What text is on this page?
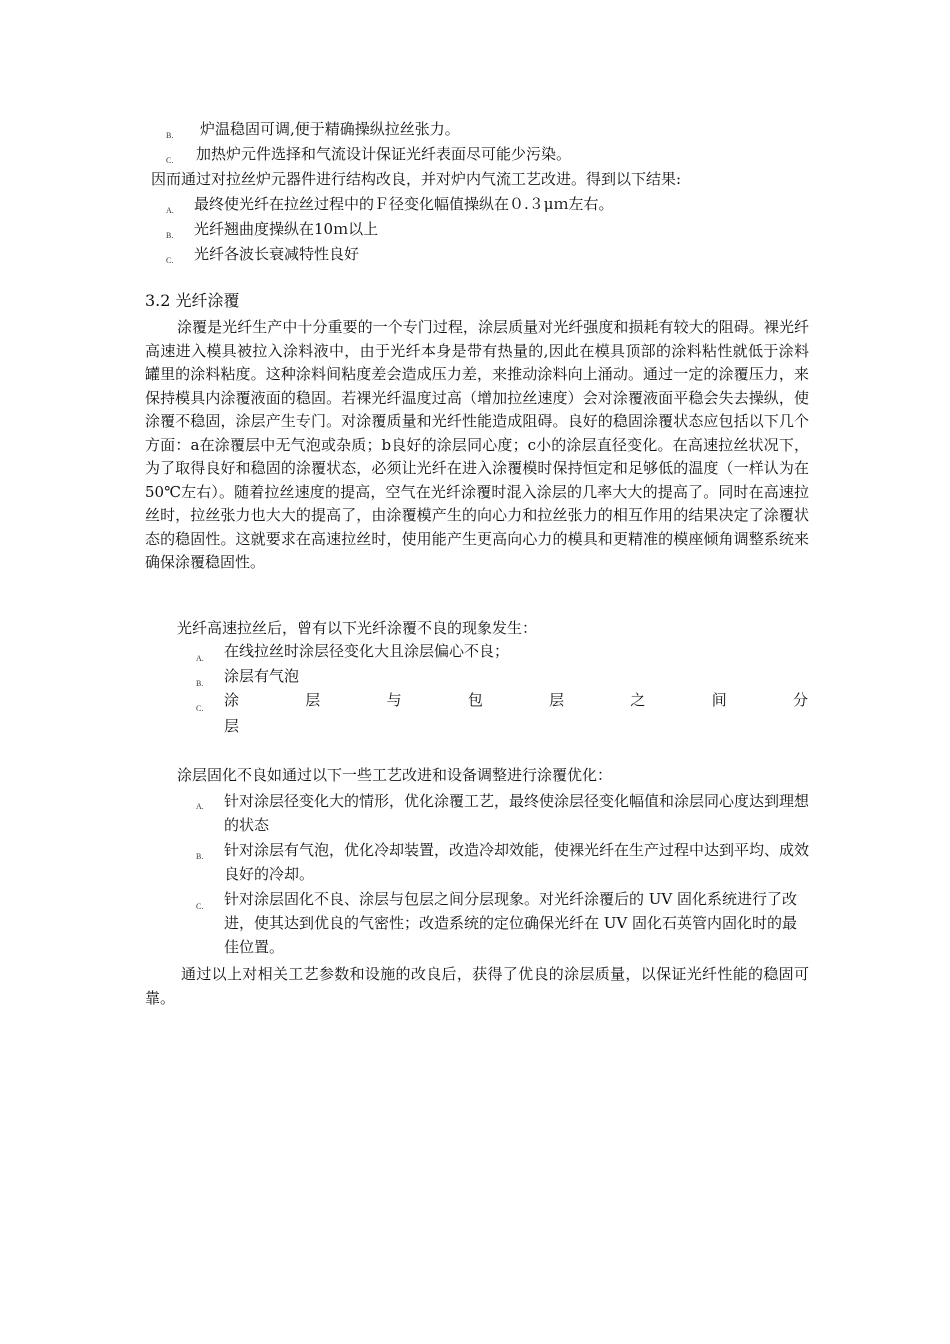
B. 炉温稳固可调,便于精确操纵拉丝张力。
C. 加热炉元件选择和气流设计保证光纤表面尽可能少污染。
因而通过对拉丝炉元器件进行结构改良，并对炉内气流工艺改进。得到以下结果:
A. 最终使光纤在拉丝过程中的Ｆ径变化幅值操纵在０.３μｍ左右。
B. 光纤翘曲度操纵在10ｍ以上
C. 光纤各波长衰减特性良好
3.2 光纤涂覆
涂覆是光纤生产中十分重要的一个专门过程，涂层质量对光纤强度和损耗有较大的阻碍。裸光纤高速进入模具被拉入涂料液中，由于光纤本身是带有热量的,因此在模具顶部的涂料粘性就低于涂料罐里的涂料粘度。这种涂料间粘度差会造成压力差，来推动涂料向上涌动。通过一定的涂覆压力，来保持模具内涂覆液面的稳固。若裸光纤温度过高（增加拉丝速度）会对涂覆液面平稳会失去操纵，使涂覆不稳固，涂层产生专门。对涂覆质量和光纤性能造成阻碍。良好的稳固涂覆状态应包括以下几个方面：a在涂覆层中无气泡或杂质；b良好的涂层同心度；c小的涂层直径变化。在高速拉丝状况下，为了取得良好和稳固的涂覆状态，必须让光纤在进入涂覆模时保持恒定和足够低的温度（一样认为在 50℃左右）。随着拉丝速度的提高，空气在光纤涂覆时混入涂层的几率大大的提高了。同时在高速拉丝时，拉丝张力也大大的提高了，由涂覆模产生的向心力和拉丝张力的相互作用的结果决定了涂覆状态的稳固性。这就要求在高速拉丝时，使用能产生更高向心力的模具和更精准的模座倾角调整系统来确保涂覆稳固性。
光纤高速拉丝后，曾有以下光纤涂覆不良的现象发生：
A. 在线拉丝时涂层径变化大且涂层偏心不良；
B. 涂层有气泡
C. 涂	层	与	包	层	之	间	分
层
涂层固化不良如通过以下一些工艺改进和设备调整进行涂覆优化：
A. 针对涂层径变化大的情形，优化涂覆工艺，最终使涂层径变化幅值和涂层同心度达到理想的状态
B. 针对涂层有气泡，优化冷却装置，改造冷却效能，使裸光纤在生产过程中达到平均、成效良好的冷却。
C. 针对涂层固化不良、涂层与包层之间分层现象。对光纤涂覆后的 UV 固化系统进行了改进，使其达到优良的气密性；改造系统的定位确保光纤在 UV 固化石英管内固化时的最佳位置。
通过以上对相关工艺参数和设施的改良后，获得了优良的涂层质量，以保证光纤性能的稳固可靠。
